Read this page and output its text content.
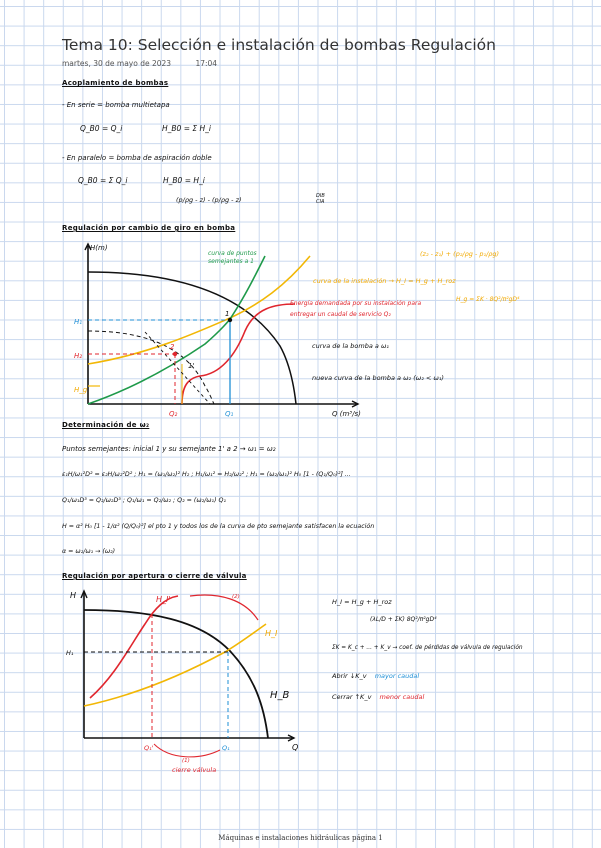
Tema 10: Selección e instalación de bombas Regulación
martes, 30 de mayo de 2023	17:04
Acoplamiento de bombas
- En serie = bomba multietapa
Q_B0 = Q_i	H_B0 = Σ H_i
- En paralelo = bomba de aspiración doble
Q_B0 = Σ Q_i	H_B0 = H_i
(p/ρg - z) - (p/ρg - z)	DIB CIA
Regulación por cambio de giro en bomba
H(m)
Q (m³/s)
H₁
H₂
H_g
Q₂	Q₁
1
2
1'
curva de puntos semejantes a 1
(z₂ - z₁) + (p₂/ρg - p₁/ρg)
curva de la instalación → H_I = H_g + H_roz
H_g = ΣK · 8Q²/π²gD⁴
Energía demandada por su instalación para entregar un caudal de servicio Q₂
curva de la bomba a ω₁
nueva curva de la bomba a ω₂ (ω₂ < ω₁)
Determinación de ω₂
Puntos semejantes: inicial 1 y su semejante 1' a 2 → ω₁ = ω₂
ε₁H/ω₁²D² = ε₂H/ω₂²D² ; H₁ = (ω₁/ω₂)² H₂ ; H₁/ω₁² = H₂/ω₂² ; H₁ = (ω₂/ω₁)² H₀ [1 - (Q₁/Q₀)²] ...
Q₁/ω₁D³ = Q₂/ω₂D³ ; Q₁/ω₁ = Q₂/ω₂ ; Q₂ = (ω₂/ω₁) Q₁
H = α² H₀ [1 - 1/α² (Q/Q₀)²] el pto 1 y todos los de la curva de pto semejante satisfacen la ecuación
α = ω₂/ω₁ → (ω₂)
Regulación por apertura o cierre de válvula
H
Q
H_I'
H_I
H_B
H₁
Q₁
Q₁'
cierre válvula
(1)
(2)
H_I = H_g + H_roz
(λL/D + ΣK) 8Q²/π²gD⁴
ΣK = K_c + ... + K_v → coef. de pérdidas de válvula de regulación
Abrir ↓K_v mayor caudal
Cerrar ↑K_v menor caudal
Máquinas e instalaciones hidráulicas página 1
